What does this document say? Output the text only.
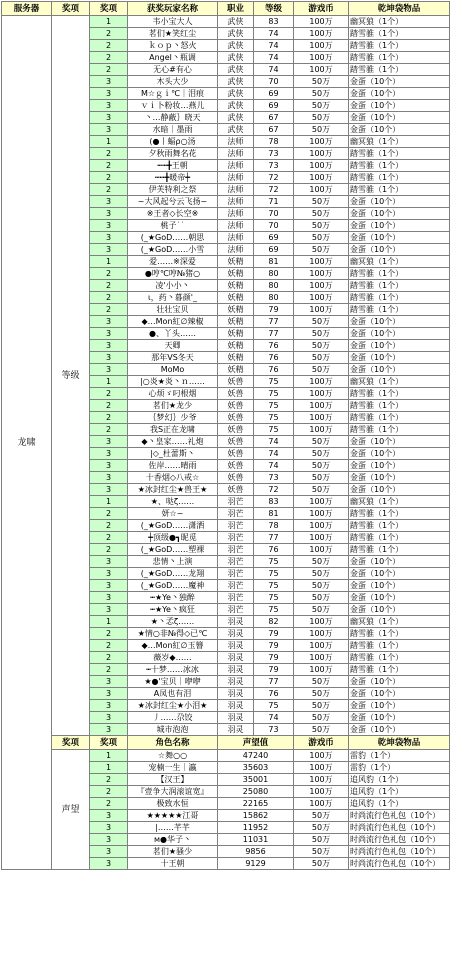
服务器	奖项	奖项	获奖玩家名称	职业	等级	游戏币	乾坤袋物品
龙啸	等级	1	韦小宝大人	武侠	83	100万	幽冥狼（1个）
		2	茗们★笑红尘	武侠	74	100万	踏雪骓（1个）
		2	ｋｏｐ丶怒火	武侠	74	100万	踏雪骓（1个）
		2	Angel丶瓶调	武侠	74	100万	踏雪骓（1个）
		2	无心#有心	武侠	74	100万	踏雪骓（1个）
		3	木头大少	武侠	70	50万	金蛋（10个）
		3	M☆ｇｉ℃｜泪痕	武侠	69	50万	金蛋（10个）
		3	ｖｉ卜粉妆…燕儿	武侠	69	50万	金蛋（10个）
		3	丶…静蔽｝晓天	武侠	67	50万	金蛋（10个）
		3	水暗｜墨雨	武侠	67	50万	金蛋（10个）
		1	(●丨蝠ρ○汤	法师	78	100万	幽冥狼（1个）
		2	夕秋雨舞名花	法师	73	100万	踏雪骓（1个）
		2	┅┅╋王朝	法师	73	100万	踏雪骓（1个）
		2	┅┅╋暖帝┿	法师	72	100万	踏雪骓（1个）
		2	伊芙特利之祭	法师	72	100万	踏雪骓（1个）
		3	~大风起兮云飞扬~	法师	71	50万	金蛋（10个）
		3	※王者◇长空※	法师	70	50万	金蛋（10个）
		3	桃子˙˙	法师	70	50万	金蛋（10个）
		3	(_★GoD……朝思	法师	69	50万	金蛋（10个）
		3	(_★GoD……小雪	法师	69	50万	金蛋（10个）
		1	爱……※深爱	妖精	81	100万	幽冥狼（1个）
		2	●哼℃哼№猪○	妖精	80	100万	踏雪骓（1个）
		2	凌'小小丶	妖精	80	100万	踏雪骓（1个）
		2	ι，药丶暮颜'_	妖精	80	100万	踏雪骓（1个）
		2	壮壮宝贝	妖精	79	100万	踏雪骓（1个）
		3	◆…Mon紅∅辣椒	妖精	77	50万	金蛋（10个）
		3	●、丫头……	妖精	77	50万	金蛋（10个）
		3	天卿	妖精	76	50万	金蛋（10个）
		3	那年VS冬天	妖精	76	50万	金蛋（10个）
		3	MoMo	妖精	76	50万	金蛋（10个）
		1	|○炎★炎丶ｎ……	妖兽	75	100万	幽冥狼（1个）
		2	心烦ゞ叼根烟	妖兽	75	100万	踏雪骓（1个）
		2	茗们★龙少	妖兽	75	100万	踏雪骓（1个）
		2	｛梦幻｝少爷	妖兽	75	100万	踏雪骓（1个）
		2	我S正在龙啸	妖兽	75	100万	踏雪骓（1个）
		3	◆丶皇家……礼炮	妖兽	74	50万	金蛋（10个）
		3	|◇_杜蕾斯丶	妖兽	74	50万	金蛋（10个）
		3	佐岸……晴雨	妖兽	74	50万	金蛋（10个）
		3	十香烟◇八戒☆	妖兽	73	50万	金蛋（10个）
		3	★冰封红尘★兽王★	妖兽	72	50万	金蛋（10个）
		1	★、哒ζ……	羽芒	83	100万	幽冥狼（1个）
		2	妍☆~	羽芒	81	100万	踏雪骓（1个）
		2	(_★GoD……潇洒	羽芒	78	100万	踏雪骓（1个）
		2	┿顶级●┓昵觅	羽芒	77	100万	踏雪骓（1个）
		2	(_★GoD……塑裸	羽芒	76	100万	踏雪骓（1个）
		3	悲情丶上演	羽芒	75	50万	金蛋（10个）
		3	(_★GoD……龙翔	羽芒	75	50万	金蛋（10个）
		3	(_★GoD……魔神	羽芒	75	50万	金蛋（10个）
		3	┅★Ye丶独醉	羽芒	75	50万	金蛋（10个）
		3	┅★Ye丶疯狂	羽芒	75	50万	金蛋（10个）
		1	★丶孞ζ……	羽灵	82	100万	幽冥狼（1个）
		2	★情○非№得◇已℃	羽灵	79	100万	踏雪骓（1个）
		2	◆…Mon紅∅玉簪	羽灵	79	100万	踏雪骓（1个）
		2	薇岁◆……	羽灵	79	100万	踏雪骓（1个）
		2	┅十梦……冰冰	羽灵	79	100万	踏雪骓（1个）
		3	★●'宝贝｜咿咿	羽灵	77	50万	金蛋（10个）
		3	A凤也有泪	羽灵	76	50万	金蛋（10个）
		3	★冰封红尘★小泪★	羽灵	75	50万	金蛋（10个）
		3	丿……尕饺	羽灵	74	50万	金蛋（10个）
		3	城市泡泡	羽灵	73	50万	金蛋（10个）
	奖项	奖项	角色名称	声望值		游戏币	乾坤袋物品
	声望	1	☆舞○○	47240		100万	雷豹（1个）
		1	宠楠一生｜瀛	35603		100万	雷豹（1个）
		2	【汉王】	35001		100万	追风豹（1个）
		2	『壹争大润滚谊宽』	25080		100万	追风豹（1个）
		2	极致水恒	22165		100万	追风豹（1个）
		3	★★★★★江哥	15862		50万	时尚流行色礼包（10个）
		3	|……芊芊	11952		50万	时尚流行色礼包（10个）
		3	м●华子丶	11031		50万	时尚流行色礼包（10个）
		3	茗们★骚少	9856		50万	时尚流行色礼包（10个）
		3	十王朝	9129		50万	时尚流行色礼包（10个）
